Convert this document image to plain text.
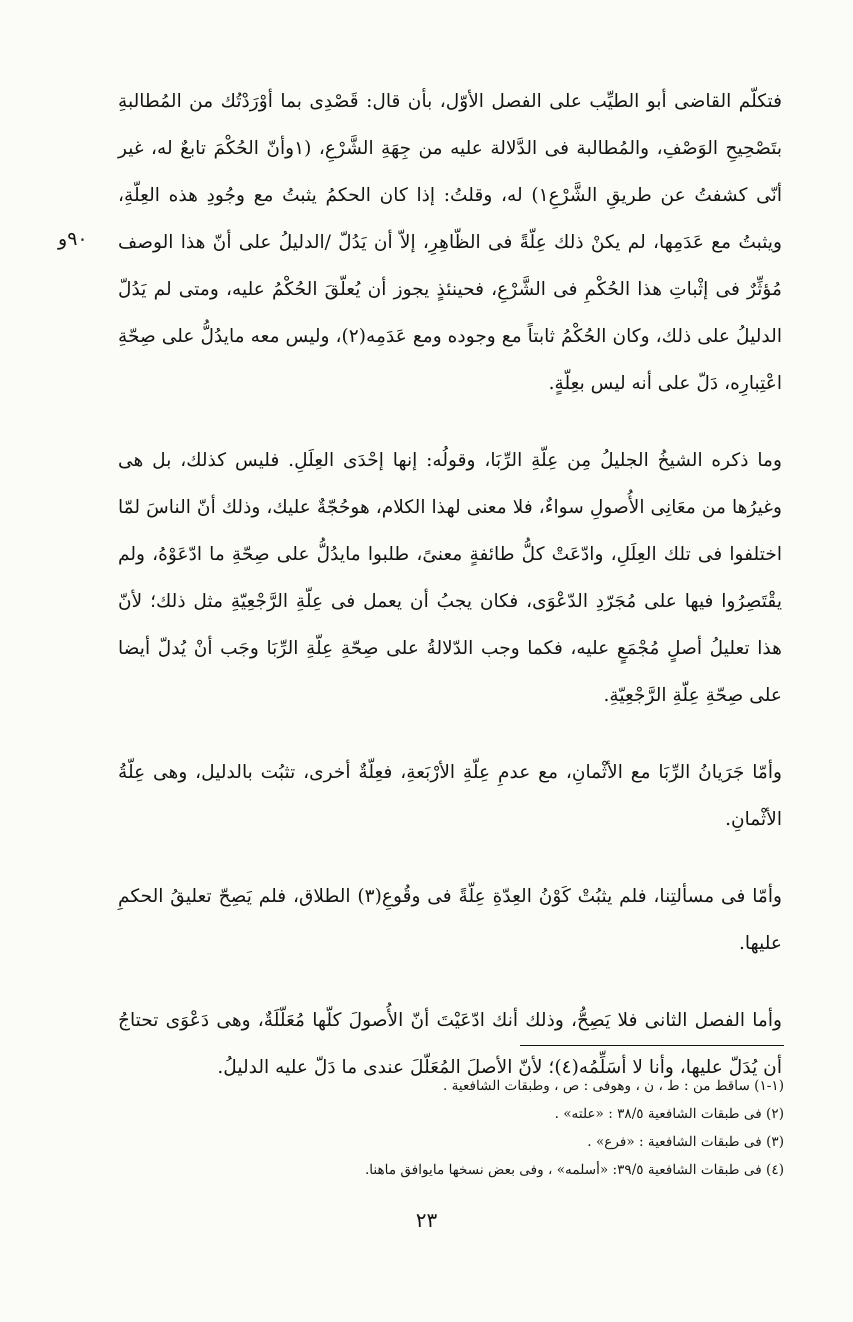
٩٠و

فتكلّم القاضى أبو الطيِّب على الفصل الأوّل، بأن قال: قَصْدِى بما أوْرَدْتُك من المُطالبةِ بتَصْحِيحِ الوَصْفِ، والمُطالبة فى الدَّلالة عليه من جِهَةِ الشَّرْعِ، (١وأنّ الحُكْمَ تابعٌ له، غير أنّى كشفتُ عن طريقِ الشَّرْعِ١) له، وقلتُ: إذا كان الحكمُ يثبتُ مع وجُودِ هذه العِلّةِ، ويثبتُ مع عَدَمِها، لم يكنْ ذلك عِلّةً فى الظّاهِرِ، إلاّ أن يَدُلّ /الدليلُ على أنّ هذا الوصف مُؤثِّرٌ فى إثْباتِ هذا الحُكْمِ فى الشَّرْعِ، فحينئذٍ يجوز أن يُعلّقَ الحُكْمُ عليه، ومتى لم يَدُلّ الدليلُ على ذلك، وكان الحُكْمُ ثابتاً مع وجوده ومع عَدَمِه(٢)، وليس معه مايدُلُّ على صِحّةِ اعْتِبارِه، دَلّ على أنه ليس بعِلّةٍ.

وما ذكره الشيخُ الجليلُ مِن عِلّةِ الرِّبَا، وقولُه: إنها إحْدَى العِلَلِ. فليس كذلك، بل هى وغيرُها من معَانِى الأُصولِ سواءٌ، فلا معنى لهذا الكلام، هوحُجّةٌ عليك، وذلك أنّ الناسَ لمّا اختلفوا فى تلك العِلَلِ، وادّعَتْ كلُّ طائفةٍ معنىً، طلبوا مايدُلُّ على صِحّةِ ما ادّعَوْهُ، ولم يقْتَصِرُوا فيها على مُجَرّدِ الدّعْوَى، فكان يجبُ أن يعمل فى عِلّةِ الرَّجْعِيّةِ مثل ذلك؛ لأنّ هذا تعليلُ أصلٍ مُجْمَعٍ عليه، فكما وجب الدّلالةُ على صِحّةِ عِلّةِ الرِّبَا وجَب أنْ يُدلّ أيضا على صِحّةِ عِلّةِ الرَّجْعِيّةِ.

وأمّا جَرَيانُ الرِّبَا مع الأثْمانِ، مع عدمِ عِلّةِ الأرْبَعةِ، فعِلّةٌ أخرى، تثبُت بالدليل، وهى عِلّةُ الأثْمانِ.

وأمّا فى مسألتِنا، فلم يثبُتْ كَوْنُ العِدّةِ عِلّةً فى وقُوعِ(٣) الطلاق، فلم يَصِحّ تعليقُ الحكمِ عليها.

وأما الفصل الثانى فلا يَصِحُّ، وذلك أنك ادّعَيْتَ أنّ الأُصولَ كلّها مُعَلّلَةٌ، وهى دَعْوَى تحتاجُ أن يُدَلّ عليها، وأنا لا أسَلِّمُه(٤)؛ لأنّ الأصلَ المُعَلّلَ عندى ما دَلّ عليه الدليلُ.

(١-١) ساقط من : ط ، ن ، وهوفى : ص ، وطبقات الشافعية .
(٢) فى طبقات الشافعية ٣٨/٥ : «علته» .
(٣) فى طبقات الشافعية : «فرع» .
(٤) فى طبقات الشافعية ٣٩/٥: «أسلمه» ، وفى بعض نسخها مايوافق ماهنا.
٢٣
